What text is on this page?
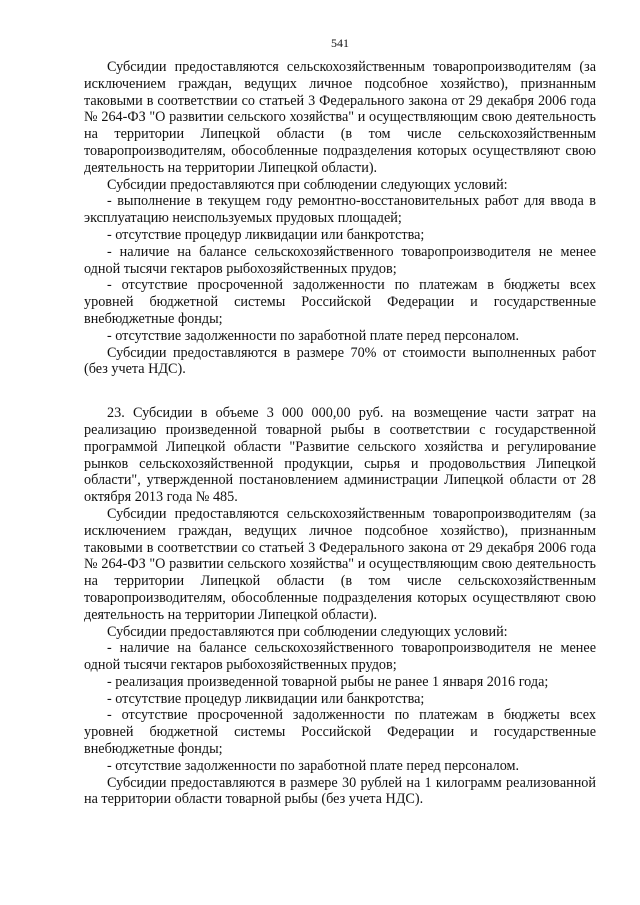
541

Субсидии предоставляются сельскохозяйственным товаропроизводителям (за исключением граждан, ведущих личное подсобное хозяйство), признанным таковыми в соответствии со статьей 3 Федерального закона от 29 декабря 2006 года № 264-ФЗ "О развитии сельского хозяйства" и осуществляющим свою деятельность на территории Липецкой области (в том числе сельскохозяйственным товаропроизводителям, обособленные подразделения которых осуществляют свою деятельность на территории Липецкой области).

Субсидии предоставляются при соблюдении следующих условий:

- выполнение в текущем году ремонтно-восстановительных работ для ввода в эксплуатацию неиспользуемых прудовых площадей;

- отсутствие процедур ликвидации или банкротства;

- наличие на балансе сельскохозяйственного товаропроизводителя не менее одной тысячи гектаров рыбохозяйственных прудов;

- отсутствие просроченной задолженности по платежам в бюджеты всех уровней бюджетной системы Российской Федерации и государственные внебюджетные фонды;

- отсутствие задолженности по заработной плате перед персоналом.

Субсидии предоставляются в размере 70% от стоимости выполненных работ (без учета НДС).

23. Субсидии в объеме 3 000 000,00 руб. на возмещение части затрат на реализацию произведенной товарной рыбы в соответствии с государственной программой Липецкой области "Развитие сельского хозяйства и регулирование рынков сельскохозяйственной продукции, сырья и продовольствия Липецкой области", утвержденной постановлением администрации Липецкой области от 28 октября 2013 года № 485.

Субсидии предоставляются сельскохозяйственным товаропроизводителям (за исключением граждан, ведущих личное подсобное хозяйство), признанным таковыми в соответствии со статьей 3 Федерального закона от 29 декабря 2006 года № 264-ФЗ "О развитии сельского хозяйства" и осуществляющим свою деятельность на территории Липецкой области (в том числе сельскохозяйственным товаропроизводителям, обособленные подразделения которых осуществляют свою деятельность на территории Липецкой области).

Субсидии предоставляются при соблюдении следующих условий:

- наличие на балансе сельскохозяйственного товаропроизводителя не менее одной тысячи гектаров рыбохозяйственных прудов;

- реализация произведенной товарной рыбы не ранее 1 января 2016 года;

- отсутствие процедур ликвидации или банкротства;

- отсутствие просроченной задолженности по платежам в бюджеты всех уровней бюджетной системы Российской Федерации и государственные внебюджетные фонды;

- отсутствие задолженности по заработной плате перед персоналом.

Субсидии предоставляются в размере 30 рублей на 1 килограмм реализованной на территории области товарной рыбы (без учета НДС).
